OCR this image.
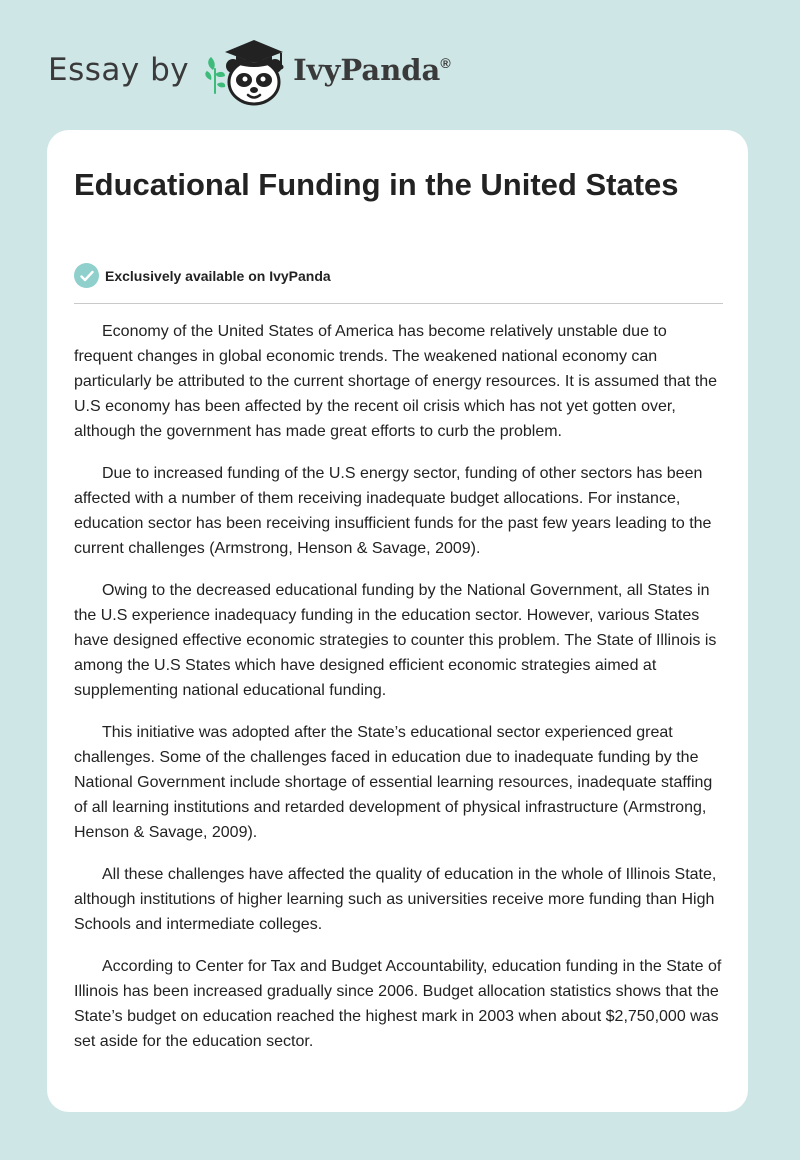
Essay by	IvyPanda®
Educational Funding in the United States
Exclusively available on IvyPanda

Economy of the United States of America has become relatively unstable due to frequent changes in global economic trends. The weakened national economy can particularly be attributed to the current shortage of energy resources. It is assumed that the U.S economy has been affected by the recent oil crisis which has not yet gotten over, although the government has made great efforts to curb the problem.

Due to increased funding of the U.S energy sector, funding of other sectors has been affected with a number of them receiving inadequate budget allocations. For instance, education sector has been receiving insufficient funds for the past few years leading to the current challenges (Armstrong, Henson & Savage, 2009).

Owing to the decreased educational funding by the National Government, all States in the U.S experience inadequacy funding in the education sector. However, various States have designed effective economic strategies to counter this problem. The State of Illinois is among the U.S States which have designed efficient economic strategies aimed at supplementing national educational funding.

This initiative was adopted after the State’s educational sector experienced great challenges. Some of the challenges faced in education due to inadequate funding by the National Government include shortage of essential learning resources, inadequate staffing of all learning institutions and retarded development of physical infrastructure (Armstrong, Henson & Savage, 2009).

All these challenges have affected the quality of education in the whole of Illinois State, although institutions of higher learning such as universities receive more funding than High Schools and intermediate colleges.

According to Center for Tax and Budget Accountability, education funding in the State of Illinois has been increased gradually since 2006. Budget allocation statistics shows that the State’s budget on education reached the highest mark in 2003 when about $2,750,000 was set aside for the education sector.
